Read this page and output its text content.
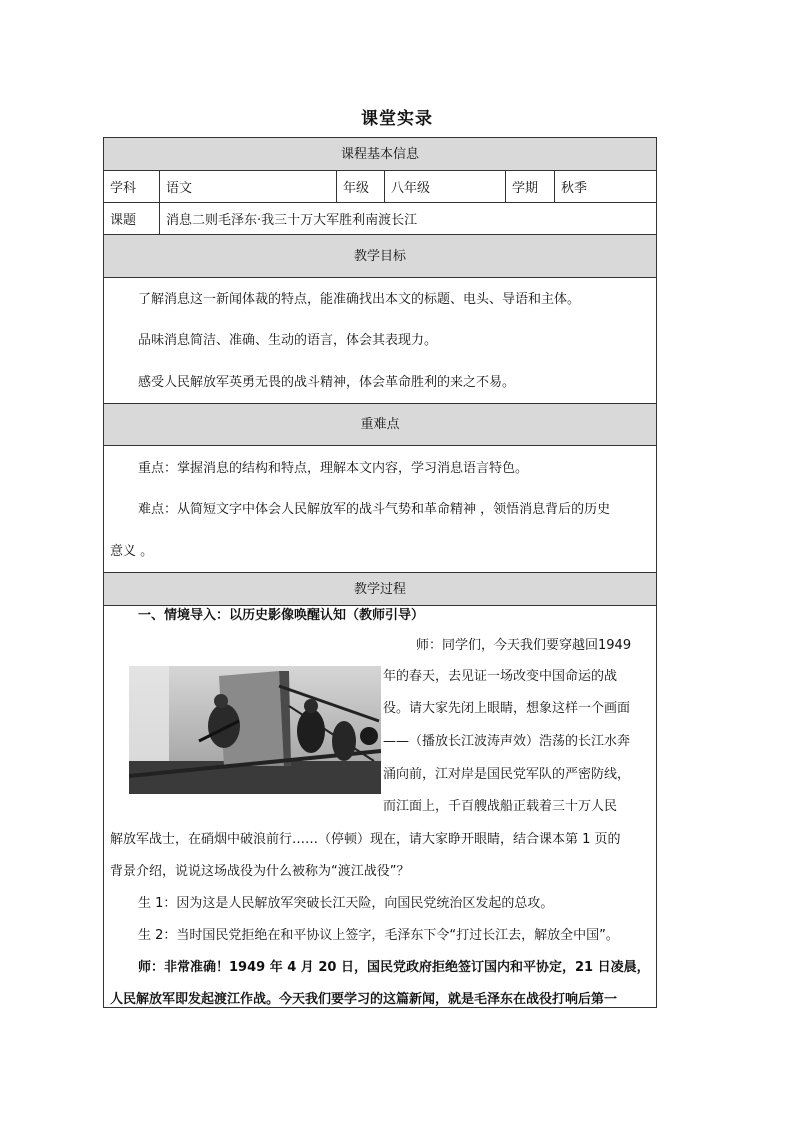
课堂实录
课程基本信息
学科	语文	年级	八年级	学期	秋季
课题	消息二则毛泽东·我三十万大军胜利南渡长江
教学目标
了解消息这一新闻体裁的特点，能准确找出本文的标题、电头、导语和主体。
品味消息简洁、准确、生动的语言，体会其表现力。
感受人民解放军英勇无畏的战斗精神，体会革命胜利的来之不易。
重难点
重点：掌握消息的结构和特点，理解本文内容，学习消息语言特色。
难点：从简短文字中体会人民解放军的战斗气势和革命精神 ，领悟消息背后的历史
意义 。
教学过程
一、情境导入：以历史影像唤醒认知（教师引导）
师：同学们，今天我们要穿越回1949
年的春天，去见证一场改变中国命运的战
役。请大家先闭上眼睛，想象这样一个画面
——（播放长江波涛声效）浩荡的长江水奔
涌向前，江对岸是国民党军队的严密防线，
而江面上，千百艘战船正载着三十万人民
解放军战士，在硝烟中破浪前行……（停顿）现在，请大家睁开眼睛，结合课本第 1 页的
背景介绍，说说这场战役为什么被称为“渡江战役”？
生 1：因为这是人民解放军突破长江天险，向国民党统治区发起的总攻。
生 2：当时国民党拒绝在和平协议上签字，毛泽东下令“打过长江去，解放全中国”。
师：非常准确！1949 年 4 月 20 日，国民党政府拒绝签订国内和平协定，21 日凌晨，
人民解放军即发起渡江作战。今天我们要学习的这篇新闻，就是毛泽东在战役打响后第一
